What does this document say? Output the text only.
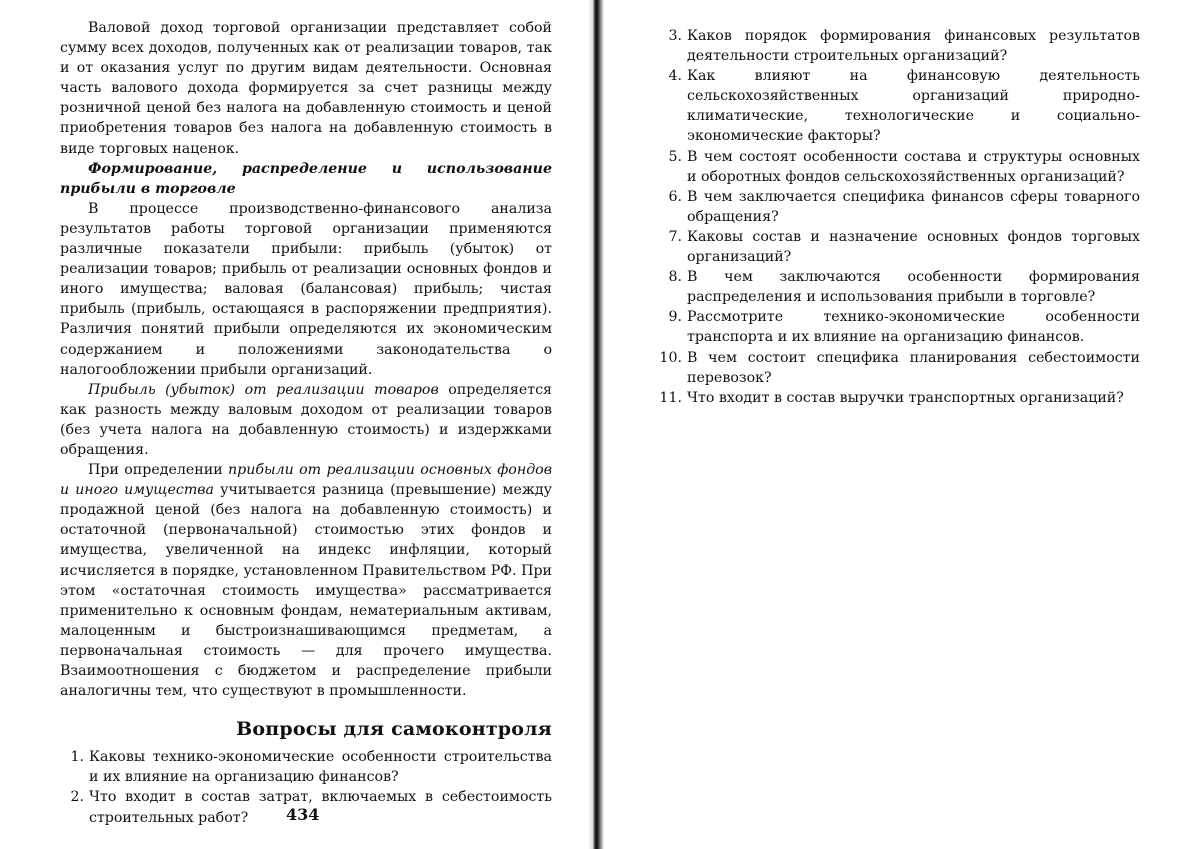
Валовой доход торговой организации представляет собой сумму всех доходов, полученных как от реализации товаров, так и от оказания услуг по другим видам деятельности. Основная часть валового дохода формируется за счет разницы между розничной ценой без налога на добавленную стоимость и ценой приобретения товаров без налога на добавленную стоимость в виде торговых наценок.

Формирование, распределение и использование прибыли в торговле

В процессе производственно-финансового анализа результатов работы торговой организации применяются различные показатели прибыли: прибыль (убыток) от реализации товаров; прибыль от реализации основных фондов и иного имущества; валовая (балансовая) прибыль; чистая прибыль (прибыль, остающаяся в распоряжении предприятия). Различия понятий прибыли определяются их экономическим содержанием и положениями законодательства о налогообложении прибыли организаций.

Прибыль (убыток) от реализации товаров определяется как разность между валовым доходом от реализации товаров (без учета налога на добавленную стоимость) и издержками обращения.

При определении прибыли от реализации основных фондов и иного имущества учитывается разница (превышение) между продажной ценой (без налога на добавленную стоимость) и остаточной (первоначальной) стоимостью этих фондов и имущества, увеличенной на индекс инфляции, который исчисляется в порядке, установленном Правительством РФ. При этом «остаточная стоимость имущества» рассматривается применительно к основным фондам, нематериальным активам, малоценным и быстроизнашивающимся предметам, а первоначальная стоимость — для прочего имущества. Взаимоотношения с бюджетом и распределение прибыли аналогичны тем, что существуют в промышленности.

Вопросы для самоконтроля
1. Каковы технико-экономические особенности строительства и их влияние на организацию финансов?
2. Что входит в состав затрат, включаемых в себестоимость строительных работ?	434
3. Каков порядок формирования финансовых результатов деятельности строительных организаций?
4. Как влияют на финансовую деятельность сельскохозяйственных организаций природно-климатические, технологические и социально-экономические факторы?
5. В чем состоят особенности состава и структуры основных и оборотных фондов сельскохозяйственных организаций?
6. В чем заключается специфика финансов сферы товарного обращения?
7. Каковы состав и назначение основных фондов торговых организаций?
8. В чем заключаются особенности формирования распределения и использования прибыли в торговле?
9. Рассмотрите технико-экономические особенности транспорта и их влияние на организацию финансов.
10. В чем состоит специфика планирования себестоимости перевозок?
11. Что входит в состав выручки транспортных организаций?
